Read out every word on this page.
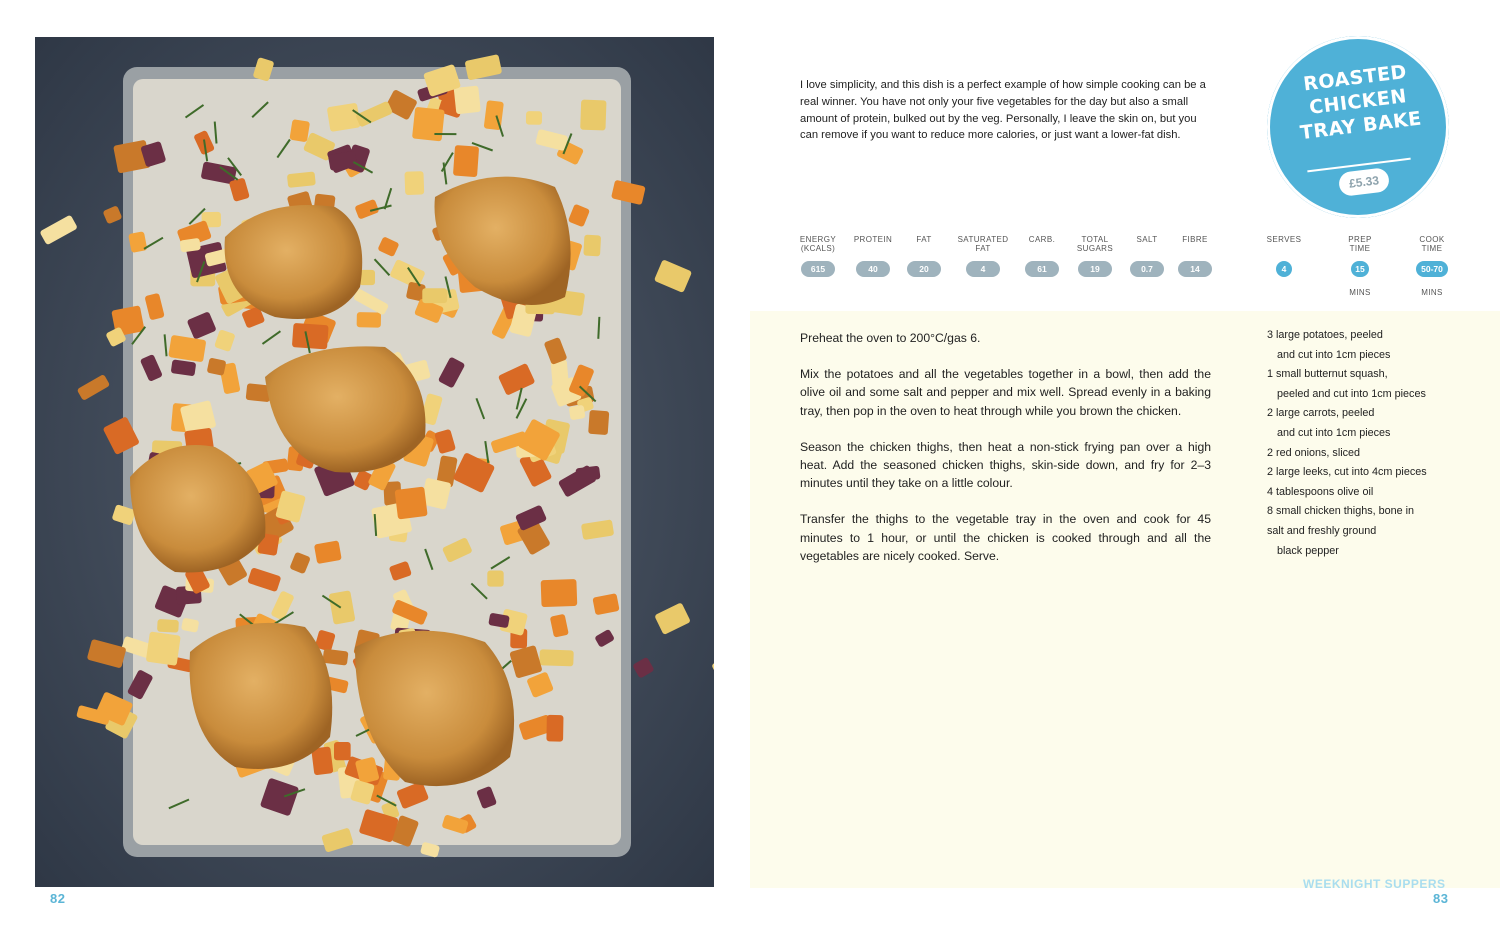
82
I love simplicity, and this dish is a perfect example of how simple cooking can be a real winner. You have not only your five vegetables for the day but also a small amount of protein, bulked out by the veg. Personally, I leave the skin on, but you can remove if you want to reduce more calories, or just want a lower-fat dish.
ROASTED
CHICKEN
TRAY BAKE
£5.33
ENERGY (KCALS)
615
PROTEIN
40
FAT
20
SATURATED FAT
4
CARB.
61
TOTAL SUGARS
19
SALT
0.7
FIBRE
14
SERVES
4
PREP TIME
15
MINS
COOK TIME
50-70
MINS

Preheat the oven to 200°C/gas 6.

Mix the potatoes and all the vegetables together in a bowl, then add the olive oil and some salt and pepper and mix well. Spread evenly in a baking tray, then pop in the oven to heat through while you brown the chicken.

Season the chicken thighs, then heat a non-stick frying pan over a high heat. Add the seasoned chicken thighs, skin-side down, and fry for 2–3 minutes until they take on a little colour.

Transfer the thighs to the vegetable tray in the oven and cook for 45 minutes to 1 hour, or until the chicken is cooked through and all the vegetables are nicely cooked. Serve.

3 large potatoes, peeled
and cut into 1cm pieces
1 small butternut squash,
peeled and cut into 1cm pieces
2 large carrots, peeled
and cut into 1cm pieces
2 red onions, sliced
2 large leeks, cut into 4cm pieces
4 tablespoons olive oil
8 small chicken thighs, bone in
salt and freshly ground
black pepper
WEEKNIGHT SUPPERS
83
